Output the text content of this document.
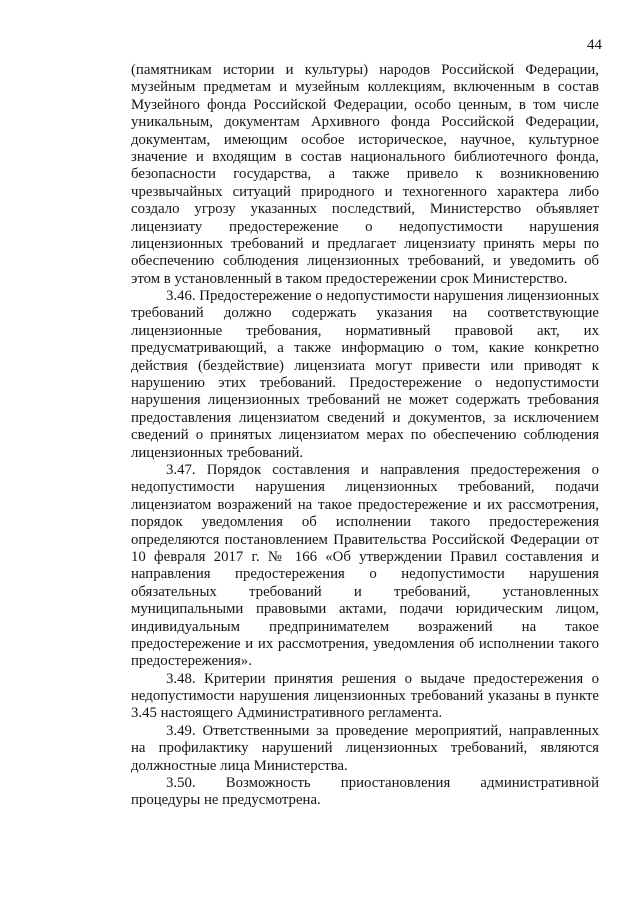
44
(памятникам истории и культуры) народов Российской Федерации,
музейным предметам и музейным коллекциям, включенным в состав
Музейного фонда Российской Федерации, особо ценным, в том числе
уникальным, документам Архивного фонда Российской Федерации,
документам, имеющим особое историческое, научное, культурное
значение и входящим в состав национального библиотечного фонда,
безопасности государства, а также привело к возникновению
чрезвычайных ситуаций природного и техногенного характера либо
создало угрозу указанных последствий, Министерство объявляет
лицензиату предостережение о недопустимости нарушения
лицензионных требований и предлагает лицензиату принять меры по
обеспечению соблюдения лицензионных требований, и уведомить об
этом в установленный в таком предостережении срок Министерство.
3.46. Предостережение о недопустимости нарушения лицензионных
требований должно содержать указания на соответствующие
лицензионные требования, нормативный правовой акт, их
предусматривающий, а также информацию о том, какие конкретно
действия (бездействие) лицензиата могут привести или приводят к
нарушению этих требований. Предостережение о недопустимости
нарушения лицензионных требований не может содержать требования
предоставления лицензиатом сведений и документов, за исключением
сведений о принятых лицензиатом мерах по обеспечению соблюдения
лицензионных требований.
3.47. Порядок составления и направления предостережения о
недопустимости нарушения лицензионных требований, подачи
лицензиатом возражений на такое предостережение и их рассмотрения,
порядок уведомления об исполнении такого предостережения
определяются постановлением Правительства Российской Федерации от
10 февраля 2017 г. № 166 «Об утверждении Правил составления и
направления предостережения о недопустимости нарушения
обязательных требований и требований, установленных
муниципальными правовыми актами, подачи юридическим лицом,
индивидуальным предпринимателем возражений на такое
предостережение и их рассмотрения, уведомления об исполнении такого
предостережения».
3.48. Критерии принятия решения о выдаче предостережения о
недопустимости нарушения лицензионных требований указаны в пункте
3.45 настоящего Административного регламента.
3.49. Ответственными за проведение мероприятий, направленных
на профилактику нарушений лицензионных требований, являются
должностные лица Министерства.
3.50. Возможность приостановления административной
процедуры не предусмотрена.
